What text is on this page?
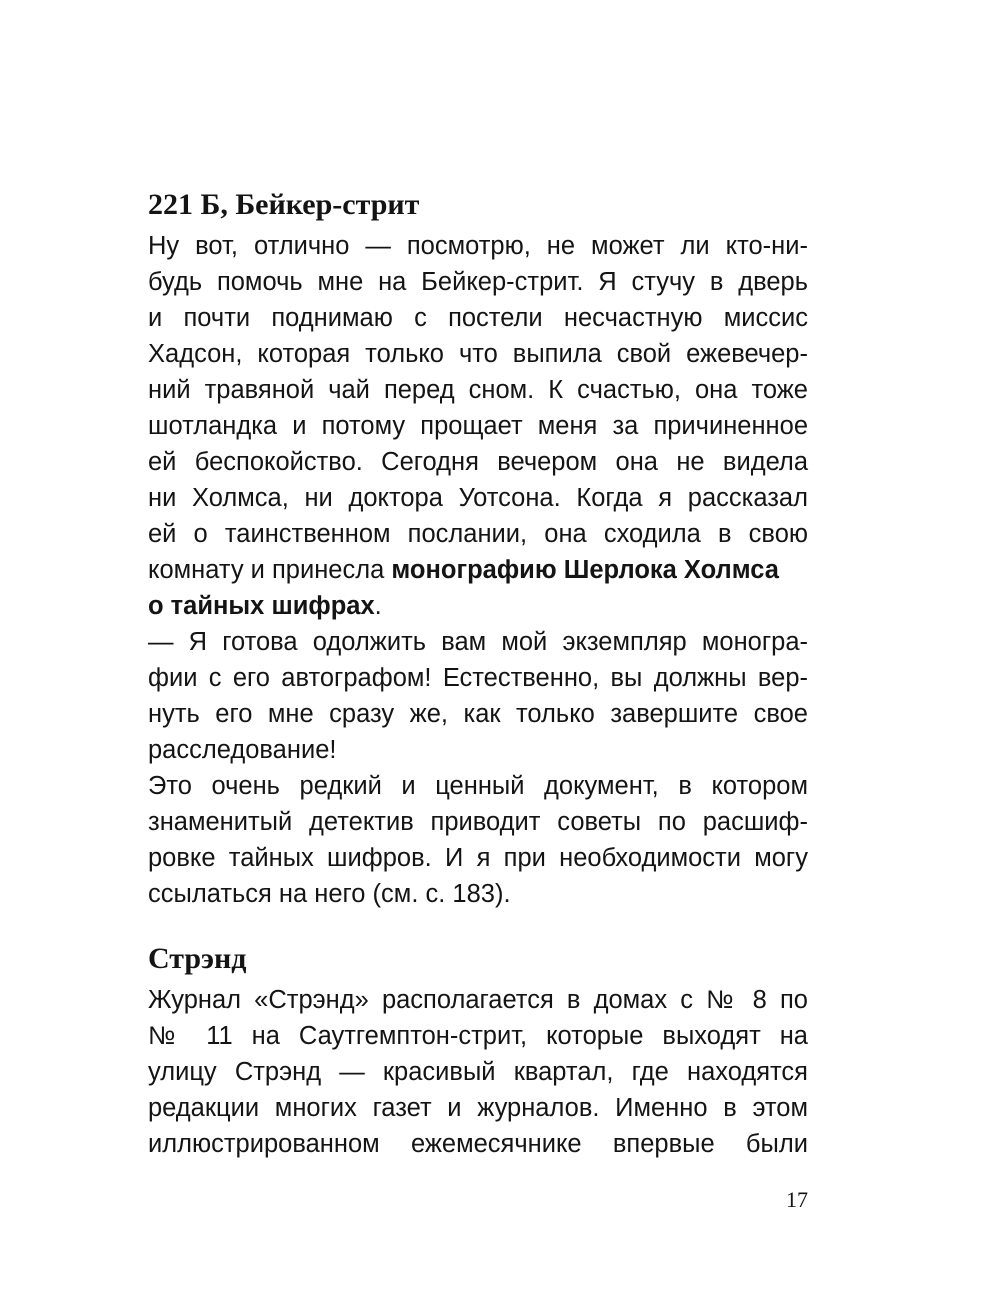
221 Б, Бейкер-стрит
Ну вот, отлично — посмотрю, не может ли кто-ни-
будь помочь мне на Бейкер-стрит. Я стучу в дверь
и почти поднимаю с постели несчастную миссис
Хадсон, которая только что выпила свой ежевечер-
ний травяной чай перед сном. К счастью, она тоже
шотландка и потому прощает меня за причиненное
ей беспокойство. Сегодня вечером она не видела
ни Холмса, ни доктора Уотсона. Когда я рассказал
ей о таинственном послании, она сходила в свою
комнату и принесла монографию Шерлока Холмса
о тайных шифрах.
— Я готова одолжить вам мой экземпляр моногра-
фии с его автографом! Естественно, вы должны вер-
нуть его мне сразу же, как только завершите свое
расследование!
Это очень редкий и ценный документ, в котором
знаменитый детектив приводит советы по расшиф-
ровке тайных шифров. И я при необходимости могу
ссылаться на него (см. с. 183).
Стрэнд
Журнал «Стрэнд» располагается в домах с № 8 по
№ 11 на Саутгемптон-стрит, которые выходят на
улицу Стрэнд — красивый квартал, где находятся
редакции многих газет и журналов. Именно в этом
иллюстрированном ежемесячнике впервые были
17
